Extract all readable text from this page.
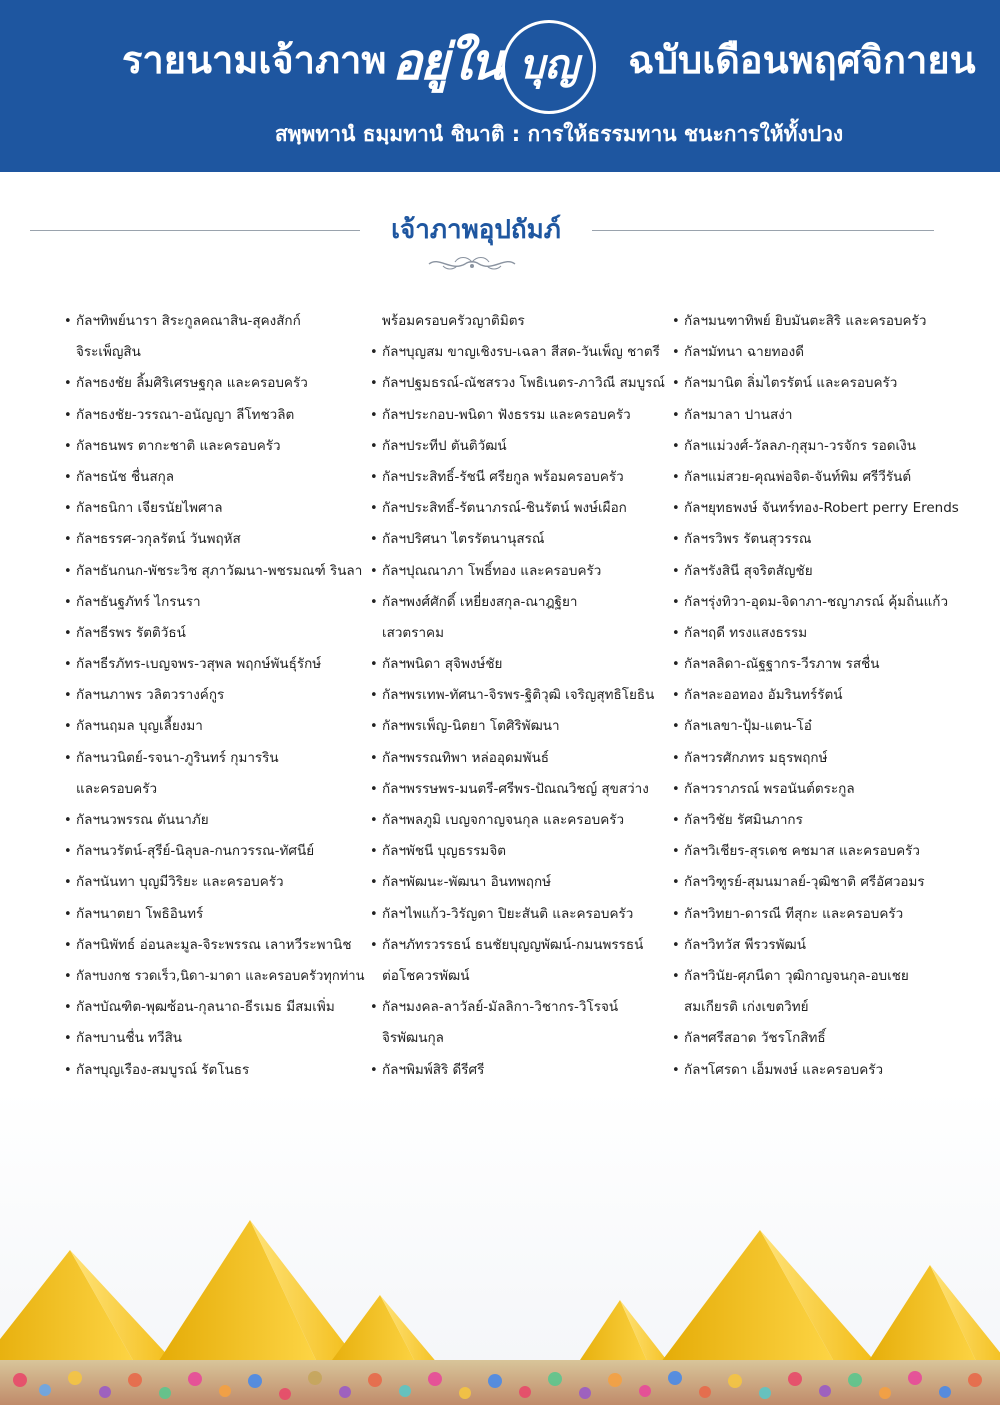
รายนามเจ้าภาพ อยู่ใน บุญ	ฉบับเดือนพฤศจิกายน
สพฺพทานํ ธมฺมทานํ ชินาติ : การให้ธรรมทาน ชนะการให้ทั้งปวง
เจ้าภาพอุปถัมภ์
• กัลฯทิพย์นารา สิระกูลคณาสิน-สุคงสักก์
จิระเพ็ญสิน
• กัลฯธงชัย ลิ้มศิริเศรษฐกุล และครอบครัว
• กัลฯธงชัย-วรรณา-อนัญญา ลีโทชวลิต
• กัลฯธนพร ตากะชาติ และครอบครัว
• กัลฯธนัช ชื่นสกุล
• กัลฯธนิกา เจียรนัยไพศาล
• กัลฯธรรศ-วกุลรัตน์ วันพฤหัส
• กัลฯธันกนก-พัชระวิช สุภาวัฒนา-พชรมณฑ์ รินลา
• กัลฯธันฐภัทร์ ไกรนรา
• กัลฯธีรพร รัตติวัธน์
• กัลฯธีรภัทร-เบญจพร-วสุพล พฤกษ์พันธุ์รักษ์
• กัลฯนภาพร วลิตวรางค์กูร
• กัลฯนฤมล บุญเลี้ยงมา
• กัลฯนวนิตย์-รจนา-ภูรินทร์ กุมารริน
และครอบครัว
• กัลฯนวพรรณ ตันนาภัย
• กัลฯนวรัตน์-สุรีย์-นิลุบล-กนกวรรณ-ทัศนีย์
• กัลฯนันทา บุญมีวิริยะ และครอบครัว
• กัลฯนาตยา โพธิอินทร์
• กัลฯนิพัทธ์ อ่อนละมูล-จิระพรรณ เลาหวีระพานิช
• กัลฯบงกช รวดเร็ว,นิดา-มาดา และครอบครัวทุกท่าน
• กัลฯบัณฑิต-พุฒซ้อน-กุลนาถ-ธีรเมธ มีสมเพิ่ม
• กัลฯบานชื่น ทวีสิน
• กัลฯบุญเรือง-สมบูรณ์ รัตโนธร
พร้อมครอบครัวญาติมิตร
• กัลฯบุญสม ขาญเชิงรบ-เฉลา สีสด-วันเพ็ญ ชาตรี
• กัลฯปฐมธรณ์-ณัชสรวง โพธิเนตร-ภาวิณี สมบูรณ์
• กัลฯประกอบ-พนิดา ฟังธรรม และครอบครัว
• กัลฯประทีป ตันติวัฒน์
• กัลฯประสิทธิ์-รัชนี ศรียกูล พร้อมครอบครัว
• กัลฯประสิทธิ์-รัตนาภรณ์-ชินรัตน์ พงษ์เผือก
• กัลฯปริศนา ไตรรัตนานุสรณ์
• กัลฯปุณณาภา โพธิ์ทอง และครอบครัว
• กัลฯพงศ์ศักดิ์ เหยี่ยงสกุล-ณาฎฐิยา
เสวตราคม
• กัลฯพนิดา สุจิพงษ์ชัย
• กัลฯพรเทพ-ทัศนา-จิรพร-ฐิติวุฒิ เจริญสุทธิโยธิน
• กัลฯพรเพ็ญ-นิตยา โตศิริพัฒนา
• กัลฯพรรณทิพา หล่ออุดมพันธ์
• กัลฯพรรษพร-มนตรี-ศรีพร-ปัณณวิชญ์ สุขสว่าง
• กัลฯพลภูมิ เบญจกาญจนกุล และครอบครัว
• กัลฯพัชนี บุญธรรมจิต
• กัลฯพัฒนะ-พัฒนา อินทพฤกษ์
• กัลฯไพแก้ว-วิรัญดา ปิยะสันติ และครอบครัว
• กัลฯภัทรวรรธน์ ธนชัยบุญญพัฒน์-กมนพรรธน์
ต่อโชควรพัฒน์
• กัลฯมงคล-ลาวัลย์-มัลลิกา-วิชากร-วิโรจน์
จิรพัฒนกุล
• กัลฯพิมพ์สิริ ดีรีศรี
• กัลฯมนฑาทิพย์ ยิบมันตะสิริ และครอบครัว
• กัลฯมัทนา ฉายทองดี
• กัลฯมานิต ลิ่มไตรรัตน์ และครอบครัว
• กัลฯมาลา ปานสง่า
• กัลฯแม่วงศ์-วัลลภ-กุสุมา-วรจักร รอดเงิน
• กัลฯแม่สวย-คุณพ่อจิต-จันท์พิม ศรีวีรันต์
• กัลฯยุทธพงษ์ จันทร์ทอง-Robert perry Erends
• กัลฯรวิพร รัตนสุวรรณ
• กัลฯรังสินี สุจริตสัญชัย
• กัลฯรุ่งทิวา-อุดม-จิดาภา-ชญาภรณ์ คุ้มถิ่นแก้ว
• กัลฯฤดี ทรงแสงธรรม
• กัลฯลลิดา-ณัฐฐากร-วีรภาพ รสชื่น
• กัลฯละออทอง อัมรินทร์รัตน์
• กัลฯเลขา-ปุ้ม-แตน-โอ๋
• กัลฯวรศักภทร มธุรพฤกษ์
• กัลฯวราภรณ์ พรอนันต์ตระกูล
• กัลฯวิชัย รัศมินภากร
• กัลฯวิเชียร-สุรเดช คชมาส และครอบครัว
• กัลฯวิฑูรย์-สุมนมาลย์-วุฒิชาติ ศรีอัศวอมร
• กัลฯวิทยา-ดารณี ทีสุกะ และครอบครัว
• กัลฯวิทวัส พีรวรพัฒน์
• กัลฯวินัย-ศุภนีดา วุฒิกาญจนกุล-อบเชย
สมเกียรติ เก่งเขตวิทย์
• กัลฯศรีสอาด วัชรโกสิทธิ์
• กัลฯโศรดา เอ็มพงษ์ และครอบครัว
